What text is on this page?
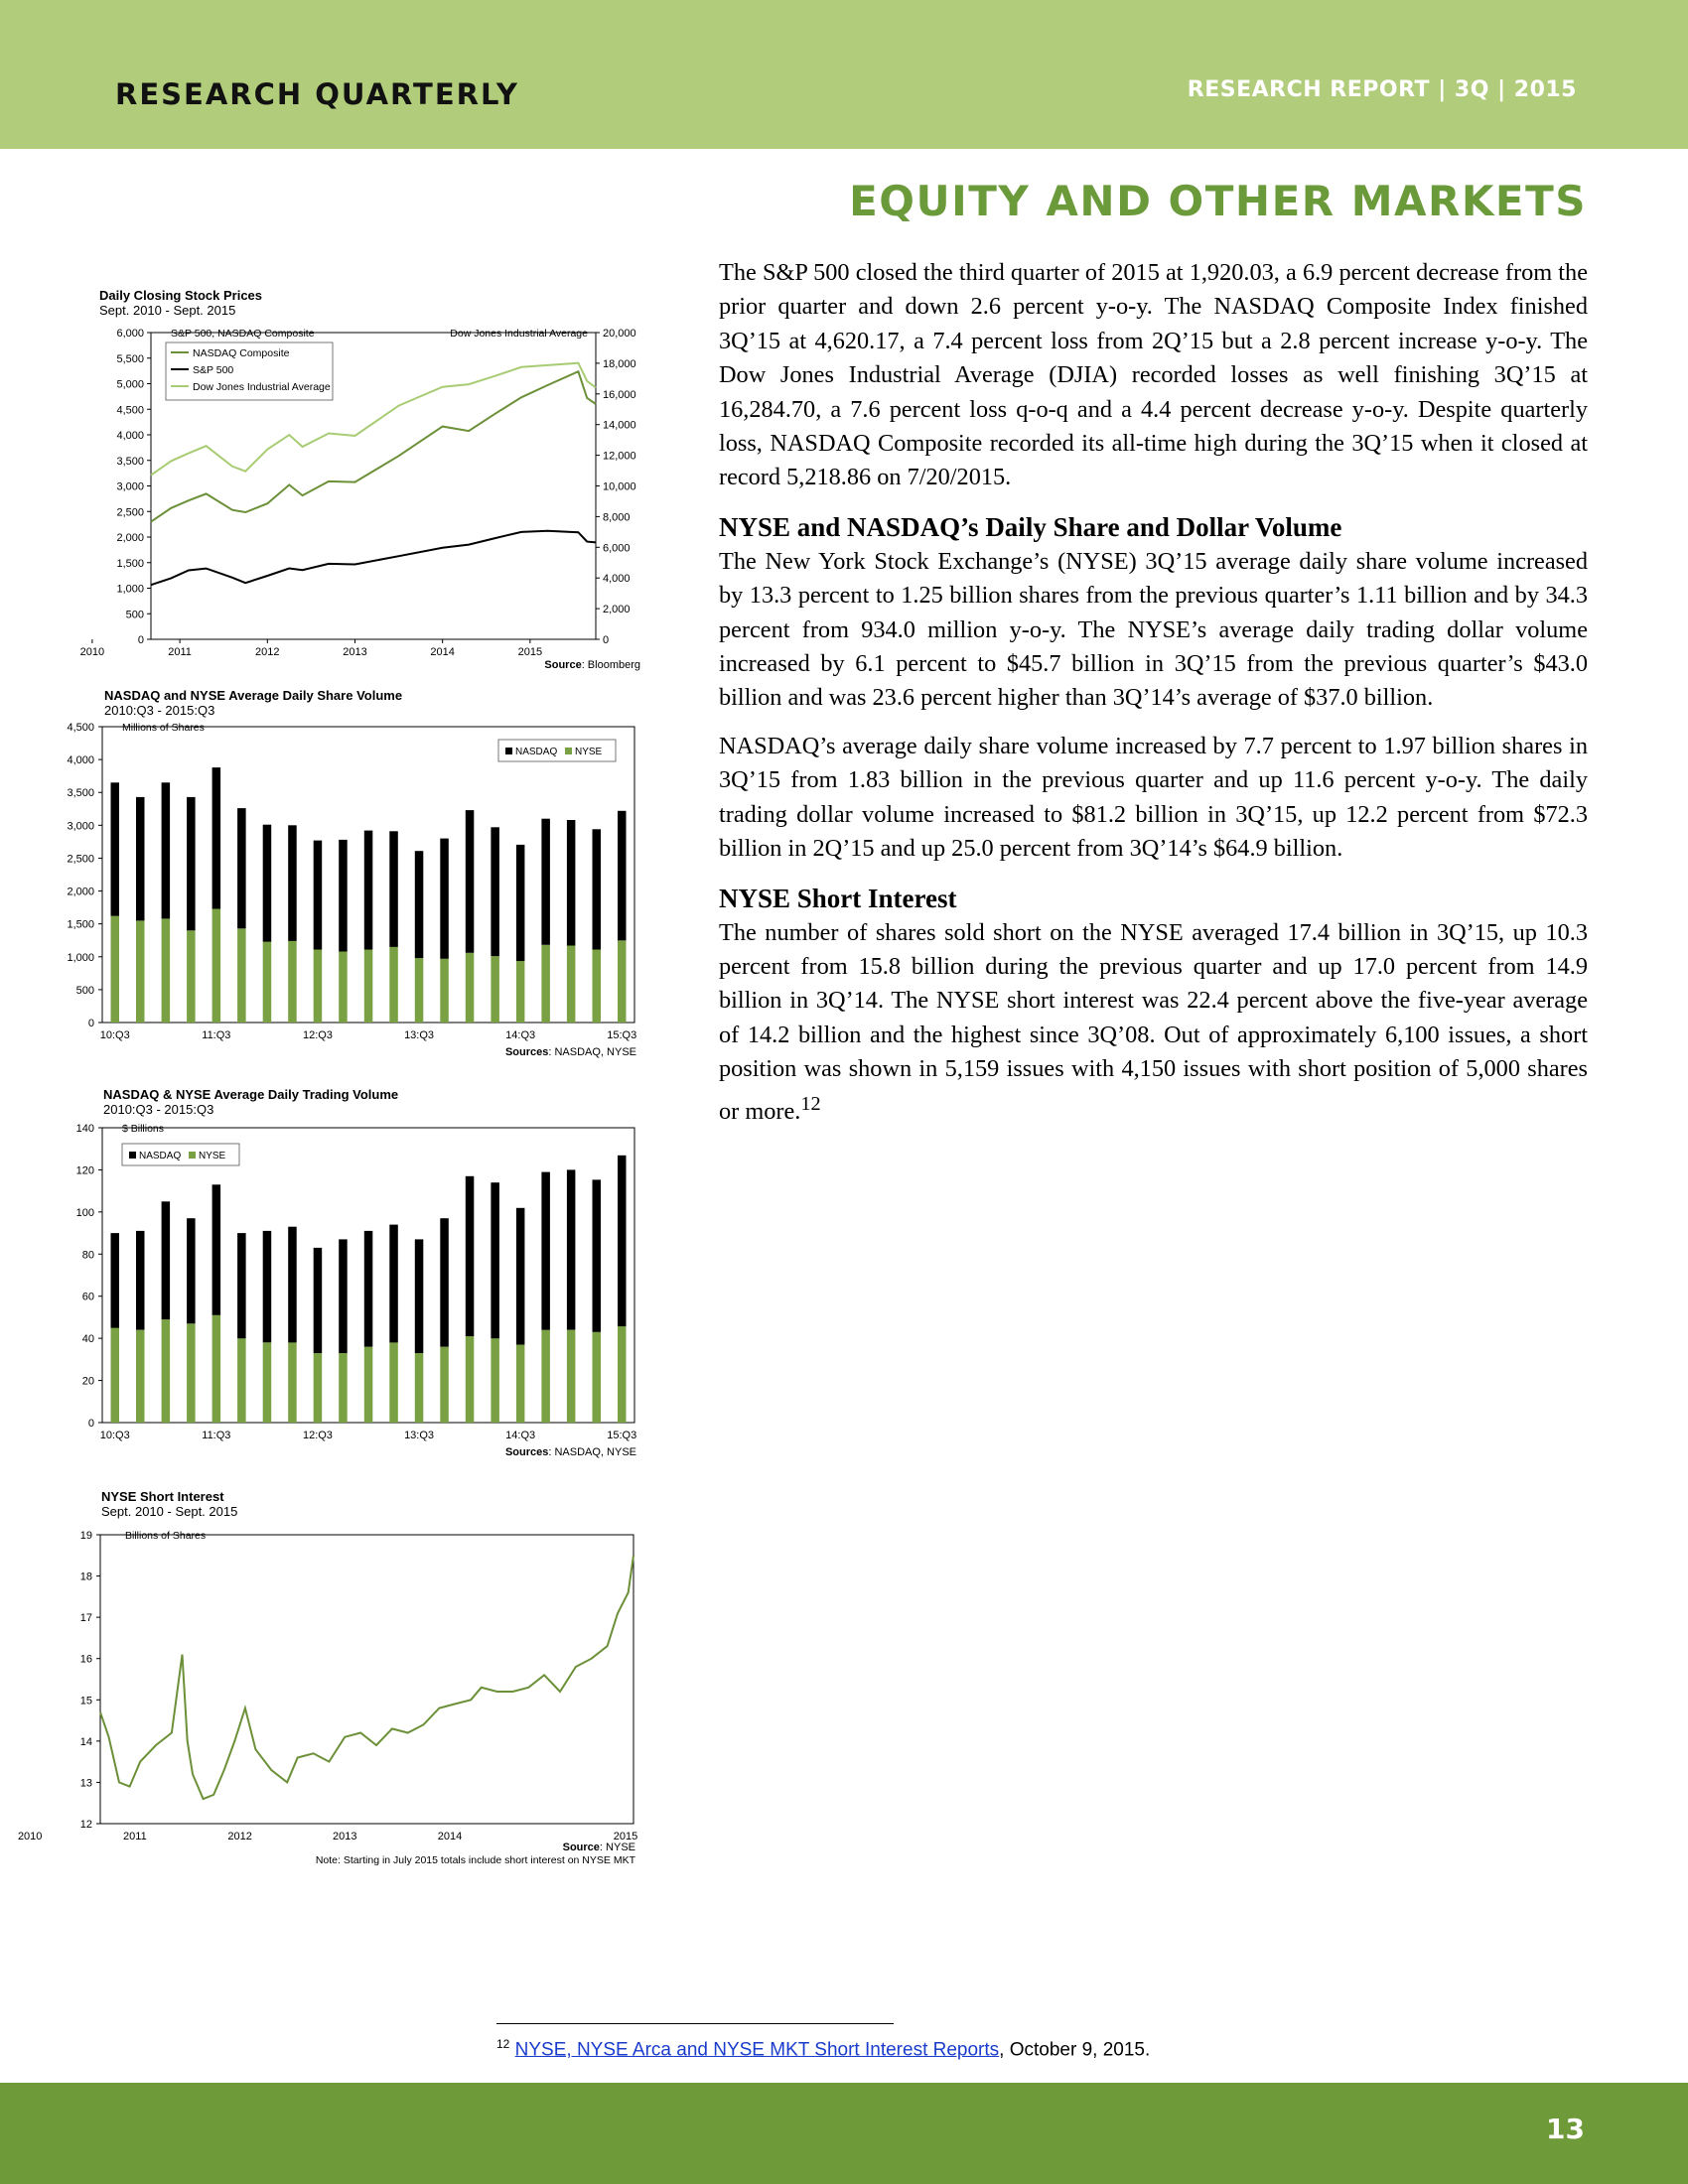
RESEARCH QUARTERLY	RESEARCH REPORT | 3Q | 2015
EQUITY AND OTHER MARKETS

The S&P 500 closed the third quarter of 2015 at 1,920.03, a 6.9 percent decrease from the prior quarter and down 2.6 percent y-o-y. The NASDAQ Composite Index finished 3Q’15 at 4,620.17, a 7.4 percent loss from 2Q’15 but a 2.8 percent increase y-o-y. The Dow Jones Industrial Average (DJIA) recorded losses as well finishing 3Q’15 at 16,284.70, a 7.6 percent loss q-o-q and a 4.4 percent decrease y-o-y. Despite quarterly loss, NASDAQ Composite recorded its all-time high during the 3Q’15 when it closed at record 5,218.86 on 7/20/2015.

NYSE and NASDAQ’s Daily Share and Dollar Volume

The New York Stock Exchange’s (NYSE) 3Q’15 average daily share volume increased by 13.3 percent to 1.25 billion shares from the previous quarter’s 1.11 billion and by 34.3 percent from 934.0 million y-o-y. The NYSE’s average daily trading dollar volume increased by 6.1 percent to $45.7 billion in 3Q’15 from the previous quarter’s $43.0 billion and was 23.6 percent higher than 3Q’14’s average of $37.0 billion.

NASDAQ’s average daily share volume increased by 7.7 percent to 1.97 billion shares in 3Q’15 from 1.83 billion in the previous quarter and up 11.6 percent y-o-y. The daily trading dollar volume increased to $81.2 billion in 3Q’15, up 12.2 percent from $72.3 billion in 2Q’15 and up 25.0 percent from 3Q’14’s $64.9 billion.

NYSE Short Interest

The number of shares sold short on the NYSE averaged 17.4 billion in 3Q’15, up 10.3 percent from 15.8 billion during the previous quarter and up 17.0 percent from 14.9 billion in 3Q’14. The NYSE short interest was 22.4 percent above the five-year average of 14.2 billion and the highest since 3Q’08. Out of approximately 6,100 issues, a short position was shown in 5,159 issues with 4,150 issues with short position of 5,000 shares or more.$^{12}$

Daily Closing Stock Prices
Sept. 2010 - Sept. 2015
0
500
1,000
1,500
2,000
2,500
3,000
3,500
4,000
4,500
5,000
5,500
6,000
0
2,000
4,000
6,000
8,000
10,000
12,000
14,000
16,000
18,000
20,000
2010	2011	2012	2013	2014	2015
S&P 500, NASDAQ Composite	Dow Jones Industrial Average
NASDAQ Composite
S&P 500
Dow Jones Industrial Average
Source: Bloomberg
NASDAQ and NYSE Average Daily Share Volume
2010:Q3 - 2015:Q3
0
500
1,000
1,500
2,000
2,500
3,000
3,500
4,000
4,500	Millions of Shares
10:Q3	11:Q3	12:Q3	13:Q3	14:Q3	15:Q3
NASDAQ NYSE
Sources: NASDAQ, NYSE
NASDAQ & NYSE Average Daily Trading Volume
2010:Q3 - 2015:Q3
0
20
40
60
80
100
120
140	$ Billions
10:Q3	11:Q3	12:Q3	13:Q3	14:Q3	15:Q3
NASDAQ NYSE
Sources: NASDAQ, NYSE
NYSE Short Interest
Sept. 2010 - Sept. 2015
12
13
14
15
16
17
18
19
2010	2011	2012	2013	2014	2015
Billions of Shares
Source: NYSE
Note: Starting in July 2015 totals include short interest on NYSE MKT
$^{12}$ NYSE, NYSE Arca and NYSE MKT Short Interest Reports, October 9, 2015.
13
